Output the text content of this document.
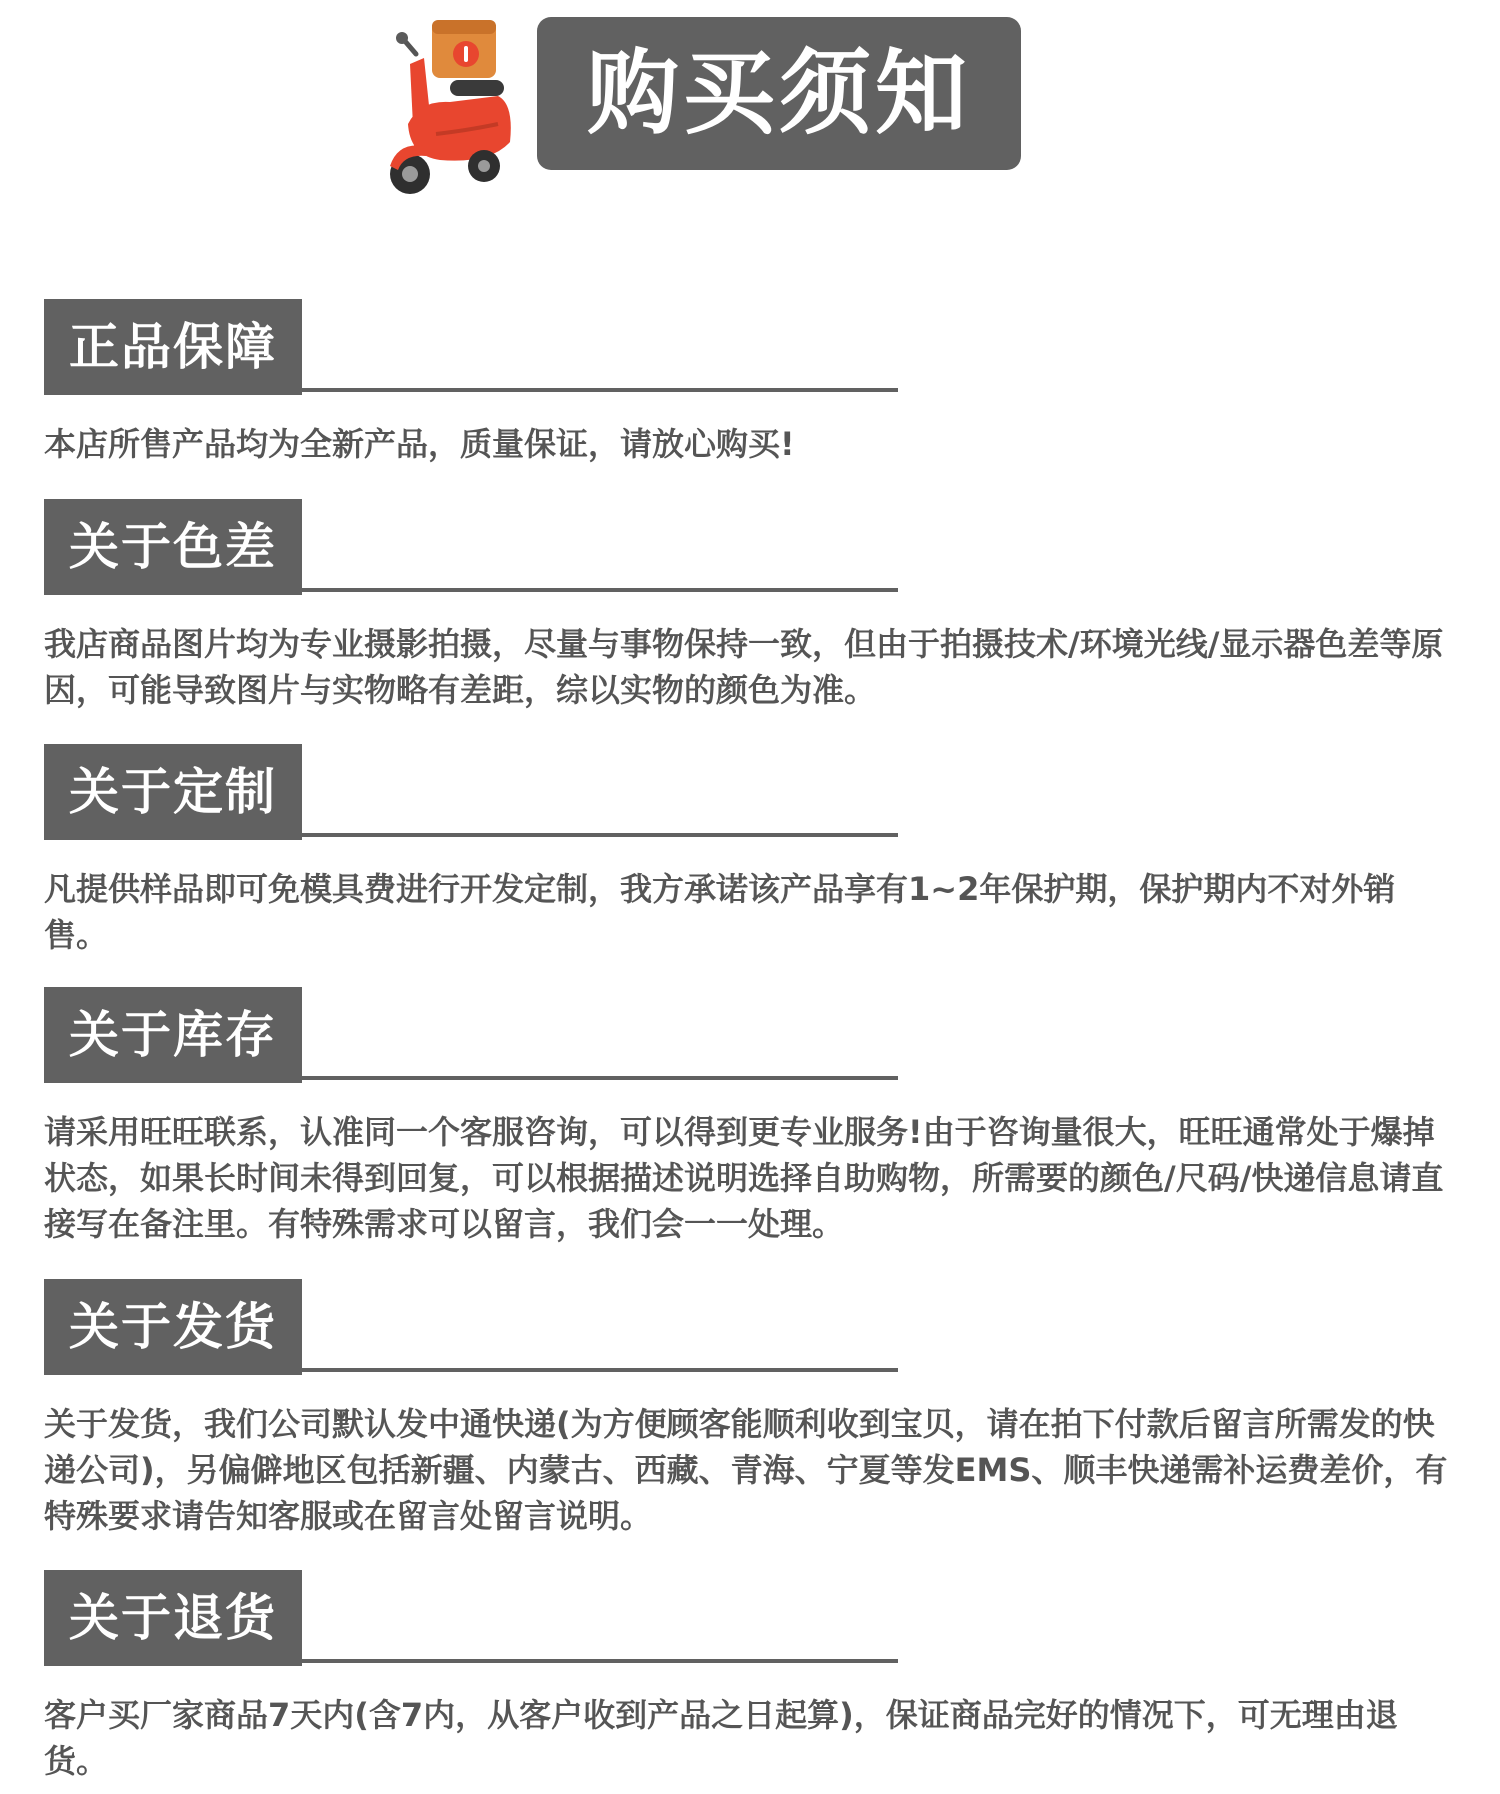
购买须知
正品保障
本店所售产品均为全新产品，质量保证，请放心购买!
关于色差
我店商品图片均为专业摄影拍摄，尽量与事物保持一致，但由于拍摄技术/环境光线/显示器色差等原因，可能导致图片与实物略有差距，综以实物的颜色为准。
关于定制
凡提供样品即可免模具费进行开发定制，我方承诺该产品享有1~2年保护期，保护期内不对外销售。
关于库存
请采用旺旺联系，认准同一个客服咨询，可以得到更专业服务!由于咨询量很大，旺旺通常处于爆掉状态，如果长时间未得到回复，可以根据描述说明选择自助购物，所需要的颜色/尺码/快递信息请直接写在备注里。有特殊需求可以留言，我们会一一处理。
关于发货
关于发货，我们公司默认发中通快递(为方便顾客能顺利收到宝贝，请在拍下付款后留言所需发的快递公司)，另偏僻地区包括新疆、内蒙古、西藏、青海、宁夏等发EMS、顺丰快递需补运费差价，有特殊要求请告知客服或在留言处留言说明。
关于退货
客户买厂家商品7天内(含7内，从客户收到产品之日起算)，保证商品完好的情况下，可无理由退货。
